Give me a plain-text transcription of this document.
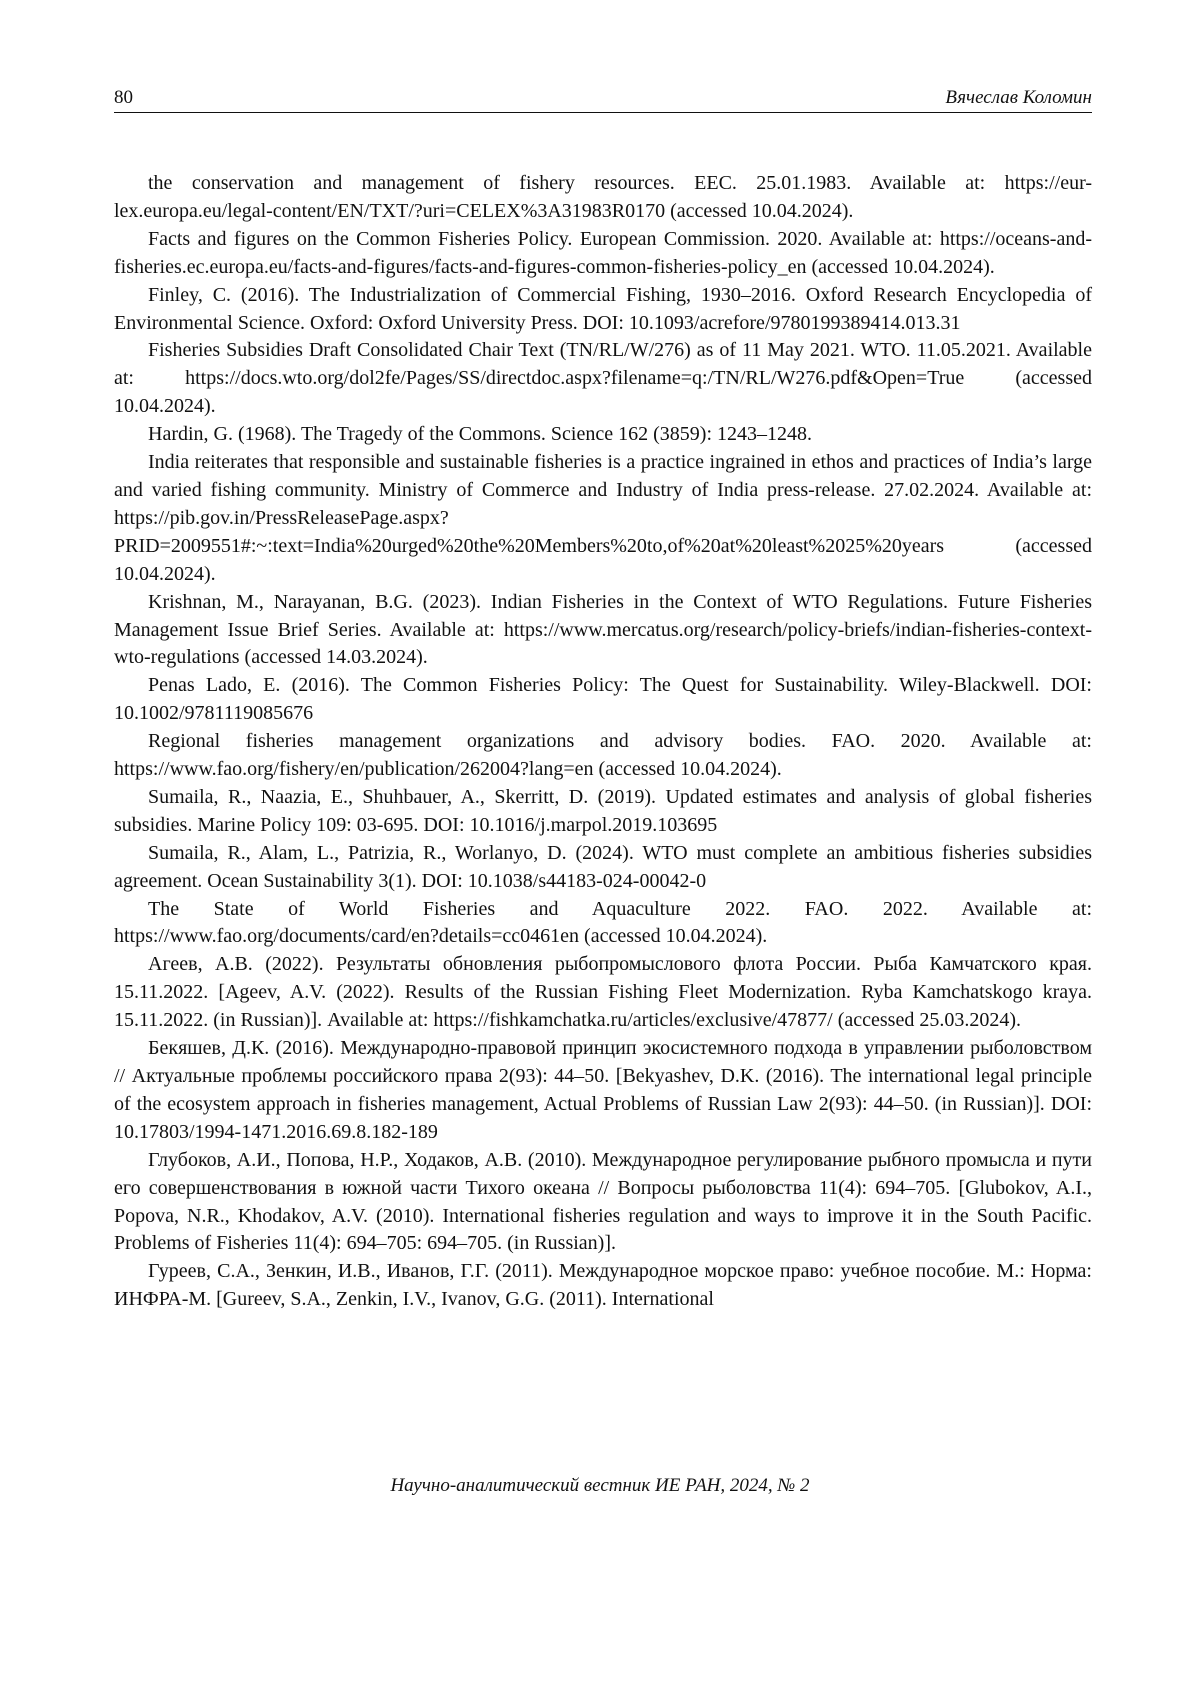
80	Вячеслав Коломин

the conservation and management of fishery resources. EEC. 25.01.1983. Available at: https://eur-lex.europa.eu/legal-content/EN/TXT/?uri=CELEX%3A31983R0170 (accessed 10.04.2024).

Facts and figures on the Common Fisheries Policy. European Commission. 2020. Available at: https://oceans-and-fisheries.ec.europa.eu/facts-and-figures/facts-and-figures-common-fisheries-policy_en (accessed 10.04.2024).

Finley, C. (2016). The Industrialization of Commercial Fishing, 1930–2016. Oxford Research Encyclopedia of Environmental Science. Oxford: Oxford University Press. DOI: 10.1093/acrefore/9780199389414.013.31

Fisheries Subsidies Draft Consolidated Chair Text (TN/RL/W/276) as of 11 May 2021. WTO. 11.05.2021. Available at: https://docs.wto.org/dol2fe/Pages/SS/directdoc.aspx?filename=q:/TN/RL/W276.pdf&Open=True (accessed 10.04.2024).

Hardin, G. (1968). The Tragedy of the Commons. Science 162 (3859): 1243–1248.

India reiterates that responsible and sustainable fisheries is a practice ingrained in ethos and practices of India’s large and varied fishing community. Ministry of Commerce and Industry of India press-release. 27.02.2024. Available at: https://pib.gov.in/PressReleasePage.aspx?PRID=2009551#:~:text=India%20urged%20the%20Members%20to,of%20at%20least%2025%20years (accessed 10.04.2024).

Krishnan, M., Narayanan, B.G. (2023). Indian Fisheries in the Context of WTO Regulations. Future Fisheries Management Issue Brief Series. Available at: https://www.mercatus.org/research/policy-briefs/indian-fisheries-context-wto-regulations (accessed 14.03.2024).

Penas Lado, E. (2016). The Common Fisheries Policy: The Quest for Sustainability. Wiley-Blackwell. DOI: 10.1002/9781119085676

Regional fisheries management organizations and advisory bodies. FAO. 2020. Available at: https://www.fao.org/fishery/en/publication/262004?lang=en (accessed 10.04.2024).

Sumaila, R., Naazia, E., Shuhbauer, A., Skerritt, D. (2019). Updated estimates and analysis of global fisheries subsidies. Marine Policy 109: 03-695. DOI: 10.1016/j.marpol.2019.103695

Sumaila, R., Alam, L., Patrizia, R., Worlanyo, D. (2024). WTO must complete an ambitious fisheries subsidies agreement. Ocean Sustainability 3(1). DOI: 10.1038/s44183-024-00042-0

The State of World Fisheries and Aquaculture 2022. FAO. 2022. Available at: https://www.fao.org/documents/card/en?details=cc0461en (accessed 10.04.2024).

Агеев, А.В. (2022). Результаты обновления рыбопромыслового флота России. Рыба Камчатского края. 15.11.2022. [Ageev, A.V. (2022). Results of the Russian Fishing Fleet Modernization. Ryba Kamchatskogo kraya. 15.11.2022. (in Russian)]. Available at: https://fishkamchatka.ru/articles/exclusive/47877/ (accessed 25.03.2024).

Бекяшев, Д.К. (2016). Международно-правовой принцип экосистемного подхода в управлении рыболовством // Актуальные проблемы российского права 2(93): 44–50. [Bekyashev, D.K. (2016). The international legal principle of the ecosystem approach in fisheries management, Actual Problems of Russian Law 2(93): 44–50. (in Russian)]. DOI: 10.17803/1994-1471.2016.69.8.182-189

Глубоков, А.И., Попова, Н.Р., Ходаков, А.В. (2010). Международное регулирование рыбного промысла и пути его совершенствования в южной части Тихого океана // Вопросы рыболовства 11(4): 694–705. [Glubokov, A.I., Popova, N.R., Khodakov, A.V. (2010). International fisheries regulation and ways to improve it in the South Pacific. Problems of Fisheries 11(4): 694–705: 694–705. (in Russian)].

Гуреев, С.А., Зенкин, И.В., Иванов, Г.Г. (2011). Международное морское право: учебное пособие. М.: Норма: ИНФРА-М. [Gureev, S.A., Zenkin, I.V., Ivanov, G.G. (2011). International

Научно-аналитический вестник ИЕ РАН, 2024, № 2
